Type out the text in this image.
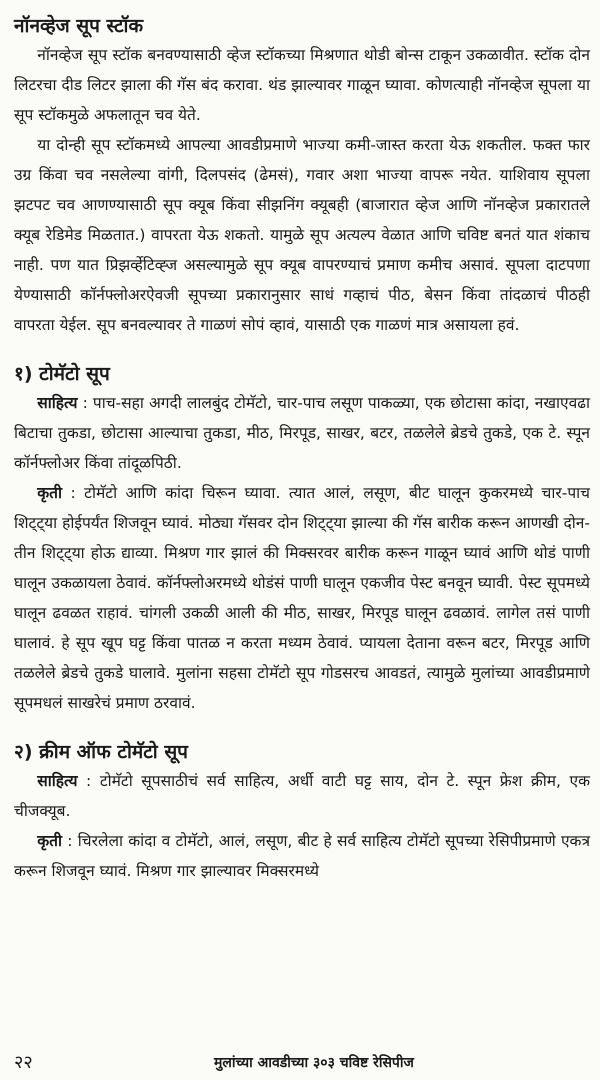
नॉनव्हेज सूप स्टॉक

नॉनव्हेज सूप स्टॉक बनवण्यासाठी व्हेज स्टॉकच्या मिश्रणात थोडी बोन्स टाकून उकळावीत. स्टॉक दोन लिटरचा दीड लिटर झाला की गॅस बंद करावा. थंड झाल्यावर गाळून घ्यावा. कोणत्याही नॉनव्हेज सूपला या सूप स्टॉकमुळे अफलातून चव येते.

या दोन्ही सूप स्टॉकमध्ये आपल्या आवडीप्रमाणे भाज्या कमी-जास्त करता येऊ शकतील. फक्त फार उग्र किंवा चव नसलेल्या वांगी, दिलपसंद (ढेमसं), गवार अशा भाज्या वापरू नयेत. याशिवाय सूपला झटपट चव आणण्यासाठी सूप क्यूब किंवा सीझनिंग क्यूबही (बाजारात व्हेज आणि नॉनव्हेज प्रकारातले क्यूब रेडिमेड मिळतात.) वापरता येऊ शकतो. यामुळे सूप अत्यल्प वेळात आणि चविष्ट बनतं यात शंकाच नाही. पण यात प्रिझर्व्हेटिव्ह्ज असल्यामुळे सूप क्यूब वापरण्याचं प्रमाण कमीच असावं. सूपला दाटपणा येण्यासाठी कॉर्नफ्लोअरऐवजी सूपच्या प्रकारानुसार साधं गव्हाचं पीठ, बेसन किंवा तांदळाचं पीठही वापरता येईल. सूप बनवल्यावर ते गाळणं सोपं व्हावं, यासाठी एक गाळणं मात्र असायला हवं.

१) टोमॅटो सूप

साहित्य : पाच-सहा अगदी लालबुंद टोमॅटो, चार-पाच लसूण पाकळ्या, एक छोटासा कांदा, नखाएवढा बिटाचा तुकडा, छोटासा आल्याचा तुकडा, मीठ, मिरपूड, साखर, बटर, तळलेले ब्रेडचे तुकडे, एक टे. स्पून कॉर्नफ्लोअर किंवा तांदूळपिठी.

कृती : टोमॅटो आणि कांदा चिरून घ्यावा. त्यात आलं, लसूण, बीट घालून कुकरमध्ये चार-पाच शिट्ट्या होईपर्यंत शिजवून घ्यावं. मोठ्या गॅसवर दोन शिट्ट्या झाल्या की गॅस बारीक करून आणखी दोन-तीन शिट्ट्या होऊ द्याव्या. मिश्रण गार झालं की मिक्सरवर बारीक करून गाळून घ्यावं आणि थोडं पाणी घालून उकळायला ठेवावं. कॉर्नफ्लोअरमध्ये थोडंसं पाणी घालून एकजीव पेस्ट बनवून घ्यावी. पेस्ट सूपमध्ये घालून ढवळत राहावं. चांगली उकळी आली की मीठ, साखर, मिरपूड घालून ढवळावं. लागेल तसं पाणी घालावं. हे सूप खूप घट्ट किंवा पातळ न करता मध्यम ठेवावं. प्यायला देताना वरून बटर, मिरपूड आणि तळलेले ब्रेडचे तुकडे घालावे. मुलांना सहसा टोमॅटो सूप गोडसरच आवडतं, त्यामुळे मुलांच्या आवडीप्रमाणे सूपमधलं साखरेचं प्रमाण ठरवावं.

२) क्रीम ऑफ टोमॅटो सूप

साहित्य : टोमॅटो सूपसाठीचं सर्व साहित्य, अर्धी वाटी घट्ट साय, दोन टे. स्पून फ्रेश क्रीम, एक चीजक्यूब.

कृती : चिरलेला कांदा व टोमॅटो, आलं, लसूण, बीट हे सर्व साहित्य टोमॅटो सूपच्या रेसिपीप्रमाणे एकत्र करून शिजवून घ्यावं. मिश्रण गार झाल्यावर मिक्सरमध्ये

२२	मुलांच्या आवडीच्या ३०३ चविष्ट रेसिपीज
